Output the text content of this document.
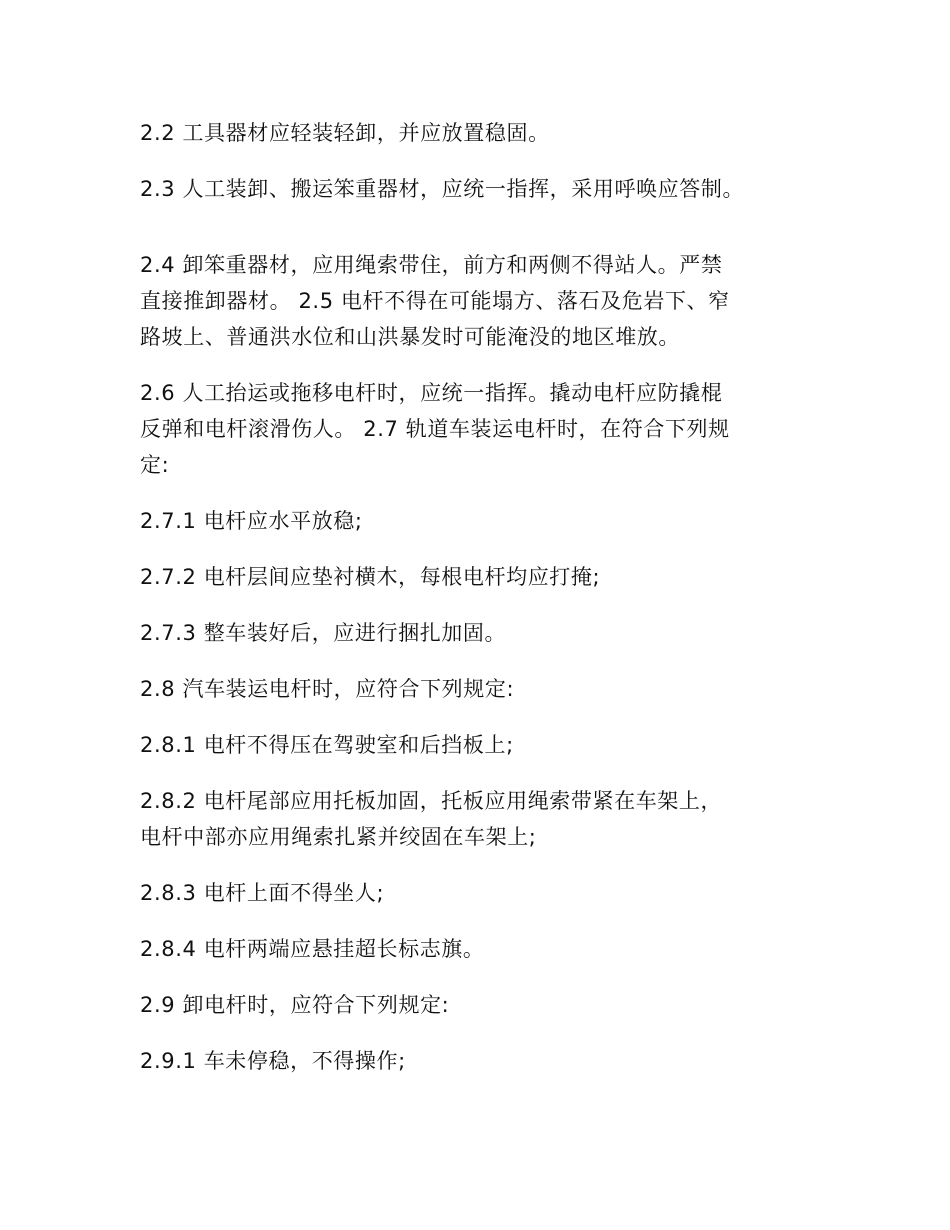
2.2 工具器材应轻装轻卸，并应放置稳固。

2.3 人工装卸、搬运笨重器材，应统一指挥，采用呼唤应答制。

2.4 卸笨重器材，应用绳索带住，前方和两侧不得站人。严禁
直接推卸器材。 2.5 电杆不得在可能塌方、落石及危岩下、窄
路坡上、普通洪水位和山洪暴发时可能淹没的地区堆放。

2.6 人工抬运或拖移电杆时，应统一指挥。撬动电杆应防撬棍
反弹和电杆滚滑伤人。 2.7 轨道车装运电杆时，在符合下列规
定:

2.7.1 电杆应水平放稳;

2.7.2 电杆层间应垫衬横木，每根电杆均应打掩;

2.7.3 整车装好后，应进行捆扎加固。

2.8 汽车装运电杆时，应符合下列规定:

2.8.1 电杆不得压在驾驶室和后挡板上;

2.8.2 电杆尾部应用托板加固，托板应用绳索带紧在车架上，
电杆中部亦应用绳索扎紧并绞固在车架上;

2.8.3 电杆上面不得坐人;

2.8.4 电杆两端应悬挂超长标志旗。

2.9 卸电杆时，应符合下列规定:

2.9.1 车未停稳，不得操作;
